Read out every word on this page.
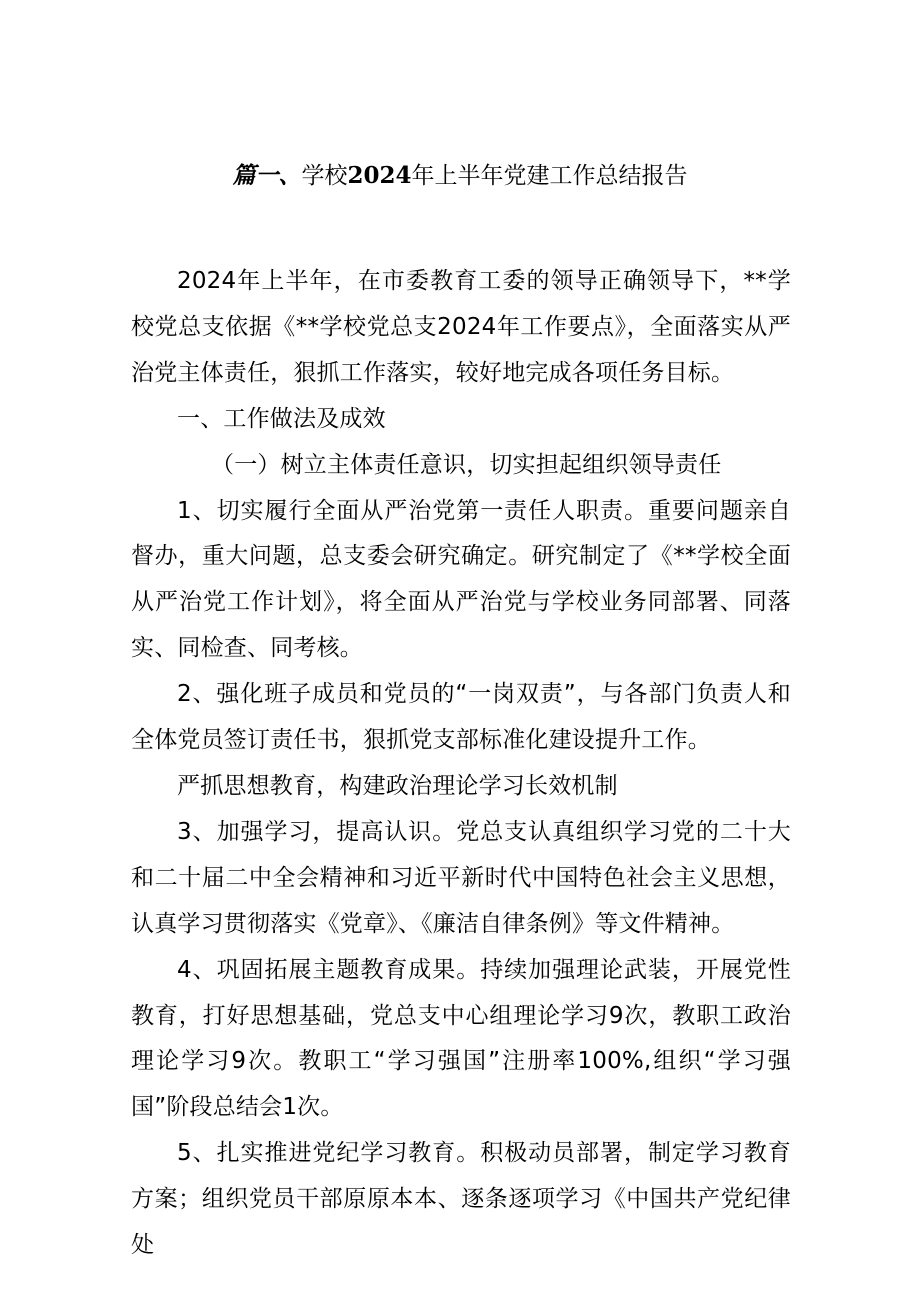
篇一、学校2024年上半年党建工作总结报告

2024年上半年，在市委教育工委的领导正确领导下，**学校党总支依据《**学校党总支2024年工作要点》，全面落实从严治党主体责任，狠抓工作落实，较好地完成各项任务目标。

一、工作做法及成效

（一）树立主体责任意识，切实担起组织领导责任

1、切实履行全面从严治党第一责任人职责。重要问题亲自督办，重大问题，总支委会研究确定。研究制定了《**学校全面从严治党工作计划》，将全面从严治党与学校业务同部署、同落实、同检查、同考核。

2、强化班子成员和党员的“一岗双责”，与各部门负责人和全体党员签订责任书，狠抓党支部标准化建设提升工作。

严抓思想教育，构建政治理论学习长效机制

3、加强学习，提高认识。党总支认真组织学习党的二十大和二十届二中全会精神和习近平新时代中国特色社会主义思想，认真学习贯彻落实《党章》、《廉洁自律条例》等文件精神。

4、巩固拓展主题教育成果。持续加强理论武装，开展党性教育，打好思想基础，党总支中心组理论学习9次，教职工政治理论学习9次。教职工“学习强国”注册率100%,组织“学习强国”阶段总结会1次。

5、扎实推进党纪学习教育。积极动员部署，制定学习教育方案；组织党员干部原原本本、逐条逐项学习《中国共产党纪律处
